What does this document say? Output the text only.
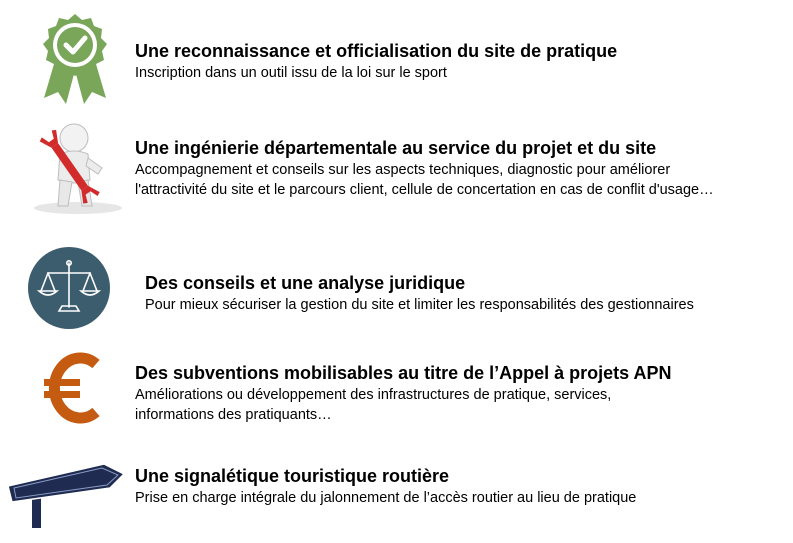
Une reconnaissance et officialisation du site de pratique
Inscription dans un outil issu de la loi sur le sport
Une ingénierie départementale au service du projet et du site
Accompagnement et conseils sur les aspects techniques, diagnostic pour améliorer
l'attractivité du site et le parcours client, cellule de concertation en cas de conflit d'usage…
Des conseils et une analyse juridique
Pour mieux sécuriser la gestion du site et limiter les responsabilités des gestionnaires
Des subventions mobilisables au titre de l’Appel à projets APN
Améliorations ou développement des infrastructures de pratique, services,
informations des pratiquants…
Une signalétique touristique routière
Prise en charge intégrale du jalonnement de l’accès routier au lieu de pratique
